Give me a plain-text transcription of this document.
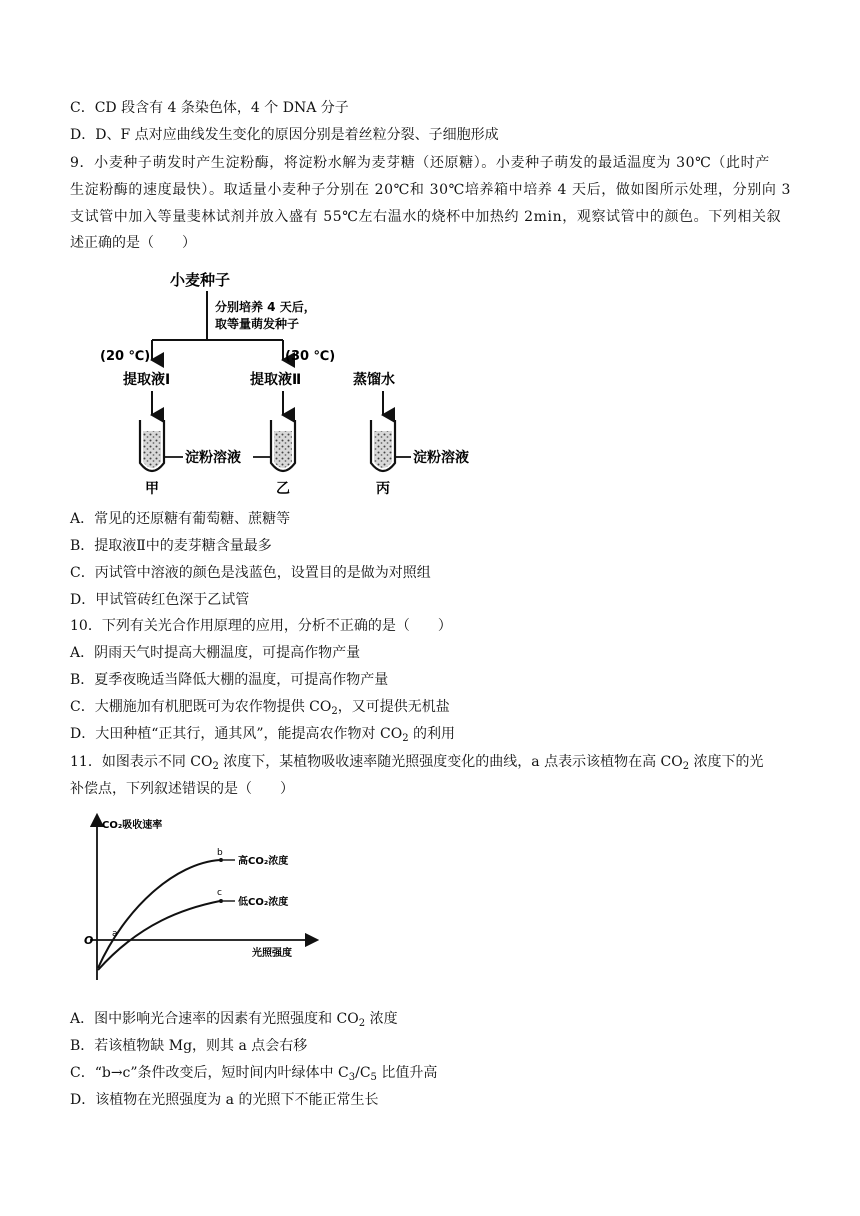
C．CD 段含有 4 条染色体，4 个 DNA 分子
D．D、F 点对应曲线发生变化的原因分别是着丝粒分裂、子细胞形成
9．小麦种子萌发时产生淀粉酶，将淀粉水解为麦芽糖（还原糖）。小麦种子萌发的最适温度为 30℃（此时产
生淀粉酶的速度最快）。取适量小麦种子分别在 20℃和 30℃培养箱中培养 4 天后，做如图所示处理，分别向 3
支试管中加入等量斐林试剂并放入盛有 55℃左右温水的烧杯中加热约 2min，观察试管中的颜色。下列相关叙
述正确的是（　　）
小麦种子
分别培养 4 天后，
取等量萌发种子
(20 ℃)	(30 ℃)
提取液Ⅰ	提取液Ⅱ	蒸馏水
淀粉溶液	淀粉溶液
甲	乙	丙
A．常见的还原糖有葡萄糖、蔗糖等
B．提取液Ⅱ中的麦芽糖含量最多
C．丙试管中溶液的颜色是浅蓝色，设置目的是做为对照组
D．甲试管砖红色深于乙试管
10．下列有关光合作用原理的应用，分析不正确的是（　　）
A．阴雨天气时提高大棚温度，可提高作物产量
B．夏季夜晚适当降低大棚的温度，可提高作物产量
C．大棚施加有机肥既可为农作物提供 $CO_2$，又可提供无机盐
D．大田种植“正其行，通其风”，能提高农作物对 $CO_2$ 的利用
11．如图表示不同 $CO_2$ 浓度下，某植物吸收速率随光照强度变化的曲线，a 点表示该植物在高 $CO_2$ 浓度下的光
补偿点，下列叙述错误的是（　　）
CO₂吸收速率
光照强度
O a
b
c
高CO₂浓度
低CO₂浓度
A．图中影响光合速率的因素有光照强度和 $CO_2$ 浓度
B．若该植物缺 Mg，则其 a 点会右移
C．“b→c”条件改变后，短时间内叶绿体中 $C_3/C_5$ 比值升高
D．该植物在光照强度为 a 的光照下不能正常生长
